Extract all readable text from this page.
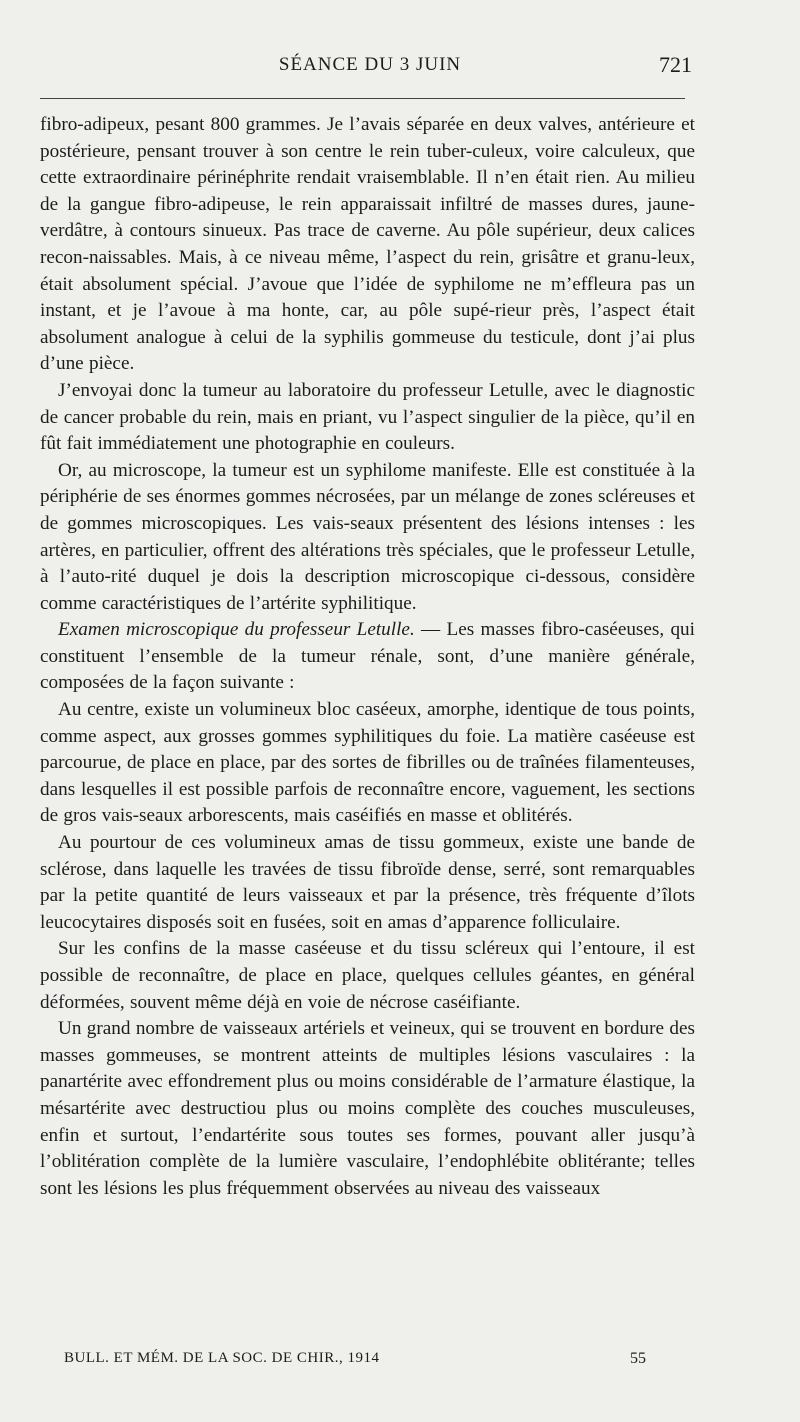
SÉANCE DU 3 JUIN	721

fibro-adipeux, pesant 800 grammes. Je l’avais séparée en deux valves, antérieure et postérieure, pensant trouver à son centre le rein tuber-culeux, voire calculeux, que cette extraordinaire périnéphrite rendait vraisemblable. Il n’en était rien. Au milieu de la gangue fibro-adipeuse, le rein apparaissait infiltré de masses dures, jaune-verdâtre, à contours sinueux. Pas trace de caverne. Au pôle supérieur, deux calices recon-naissables. Mais, à ce niveau même, l’aspect du rein, grisâtre et granu-leux, était absolument spécial. J’avoue que l’idée de syphilome ne m’effleura pas un instant, et je l’avoue à ma honte, car, au pôle supé-rieur près, l’aspect était absolument analogue à celui de la syphilis gommeuse du testicule, dont j’ai plus d’une pièce.

J’envoyai donc la tumeur au laboratoire du professeur Letulle, avec le diagnostic de cancer probable du rein, mais en priant, vu l’aspect singulier de la pièce, qu’il en fût fait immédiatement une photographie en couleurs.

Or, au microscope, la tumeur est un syphilome manifeste. Elle est constituée à la périphérie de ses énormes gommes nécrosées, par un mélange de zones scléreuses et de gommes microscopiques. Les vais-seaux présentent des lésions intenses : les artères, en particulier, offrent des altérations très spéciales, que le professeur Letulle, à l’auto-rité duquel je dois la description microscopique ci-dessous, considère comme caractéristiques de l’artérite syphilitique.

Examen microscopique du professeur Letulle. — Les masses fibro-caséeuses, qui constituent l’ensemble de la tumeur rénale, sont, d’une manière générale, composées de la façon suivante :

Au centre, existe un volumineux bloc caséeux, amorphe, identique de tous points, comme aspect, aux grosses gommes syphilitiques du foie. La matière caséeuse est parcourue, de place en place, par des sortes de fibrilles ou de traînées filamenteuses, dans lesquelles il est possible parfois de reconnaître encore, vaguement, les sections de gros vais-seaux arborescents, mais caséifiés en masse et oblitérés.

Au pourtour de ces volumineux amas de tissu gommeux, existe une bande de sclérose, dans laquelle les travées de tissu fibroïde dense, serré, sont remarquables par la petite quantité de leurs vaisseaux et par la présence, très fréquente d’îlots leucocytaires disposés soit en fusées, soit en amas d’apparence folliculaire.

Sur les confins de la masse caséeuse et du tissu scléreux qui l’entoure, il est possible de reconnaître, de place en place, quelques cellules géantes, en général déformées, souvent même déjà en voie de nécrose caséifiante.

Un grand nombre de vaisseaux artériels et veineux, qui se trouvent en bordure des masses gommeuses, se montrent atteints de multiples lésions vasculaires : la panartérite avec effondrement plus ou moins considérable de l’armature élastique, la mésartérite avec destructiou plus ou moins complète des couches musculeuses, enfin et surtout, l’endartérite sous toutes ses formes, pouvant aller jusqu’à l’oblitération complète de la lumière vasculaire, l’endophlébite oblitérante; telles sont les lésions les plus fréquemment observées au niveau des vaisseaux

BULL. ET MÉM. DE LA SOC. DE CHIR., 1914	55
